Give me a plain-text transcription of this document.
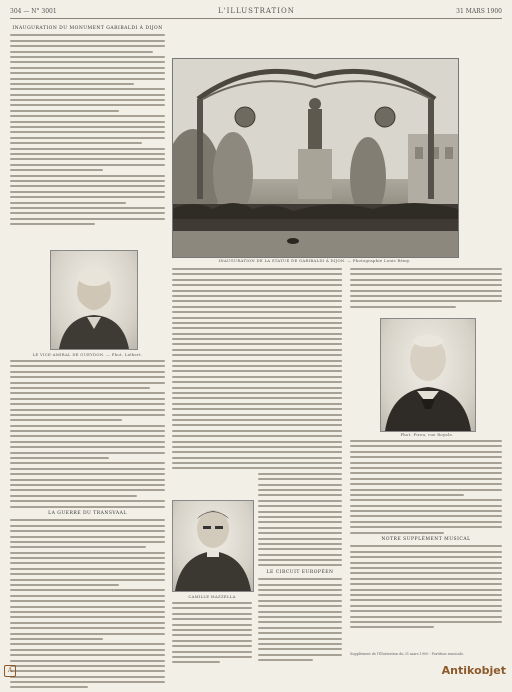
304 — N° 3001	L'ILLUSTRATION	31 MARS 1900
INAUGURATION DU MONUMENT GARIBALDI À DIJON
LE VICE-AMIRAL DE GUEYDON. — Phot. Liébert.
LA GUERRE DU TRANSVAAL
INAUGURATION DE LA STATUE DE GARIBALDI À DIJON. — Photographie Louis Rémy.
LE CIRCUIT EUROPÉEN
CAMILLE MAZZELLA
Phot. Pirou, rue Royale.
NOTRE SUPPLÉMENT MUSICAL
Supplément de l'Illustration du 31 mars 1900 : Partition musicale.
A	Antikobjet
